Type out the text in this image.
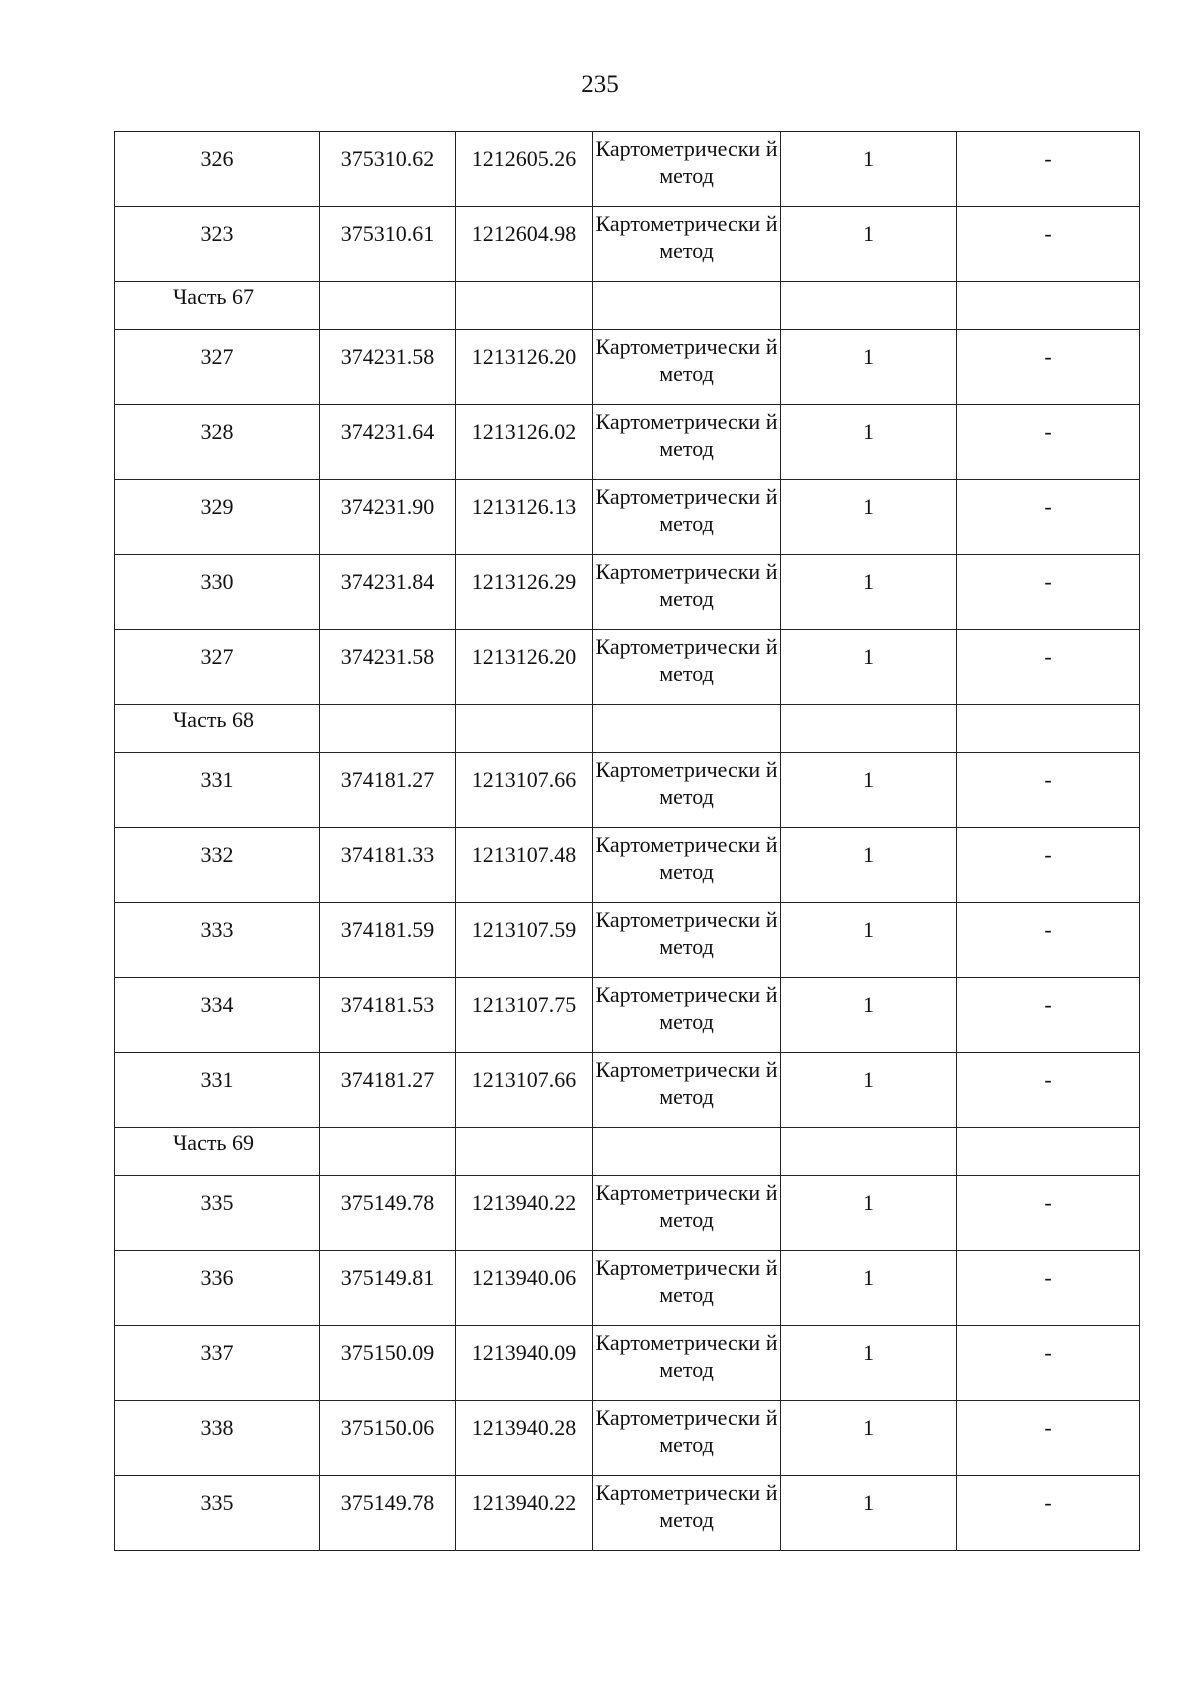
235
326	375310.62	1212605.26	Картометрически й метод	1	-
323	375310.61	1212604.98	Картометрически й метод	1	-
Часть 67					
327	374231.58	1213126.20	Картометрически й метод	1	-
328	374231.64	1213126.02	Картометрически й метод	1	-
329	374231.90	1213126.13	Картометрически й метод	1	-
330	374231.84	1213126.29	Картометрически й метод	1	-
327	374231.58	1213126.20	Картометрически й метод	1	-
Часть 68					
331	374181.27	1213107.66	Картометрически й метод	1	-
332	374181.33	1213107.48	Картометрически й метод	1	-
333	374181.59	1213107.59	Картометрически й метод	1	-
334	374181.53	1213107.75	Картометрически й метод	1	-
331	374181.27	1213107.66	Картометрически й метод	1	-
Часть 69					
335	375149.78	1213940.22	Картометрически й метод	1	-
336	375149.81	1213940.06	Картометрически й метод	1	-
337	375150.09	1213940.09	Картометрически й метод	1	-
338	375150.06	1213940.28	Картометрически й метод	1	-
335	375149.78	1213940.22	Картометрически й метод	1	-
